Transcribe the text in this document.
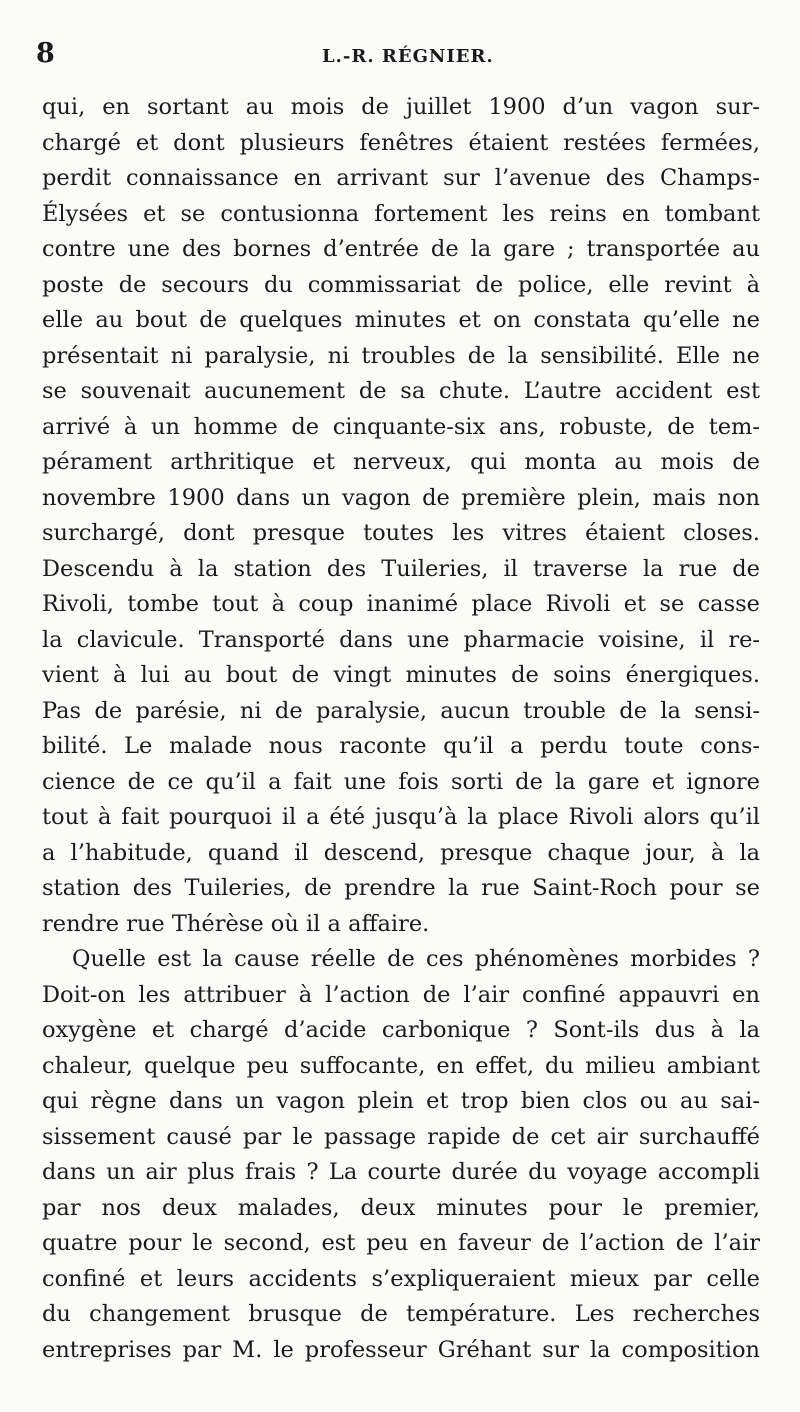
8	L.-R. RÉGNIER.
qui, en sortant au mois de juillet 1900 d’un vagon sur-
chargé et dont plusieurs fenêtres étaient restées fermées,
perdit connaissance en arrivant sur l’avenue des Champs-
Élysées et se contusionna fortement les reins en tombant
contre une des bornes d’entrée de la gare ; transportée au
poste de secours du commissariat de police, elle revint à
elle au bout de quelques minutes et on constata qu’elle ne
présentait ni paralysie, ni troubles de la sensibilité. Elle ne
se souvenait aucunement de sa chute. L’autre accident est
arrivé à un homme de cinquante-six ans, robuste, de tem-
pérament arthritique et nerveux, qui monta au mois de
novembre 1900 dans un vagon de première plein, mais non
surchargé, dont presque toutes les vitres étaient closes.
Descendu à la station des Tuileries, il traverse la rue de
Rivoli, tombe tout à coup inanimé place Rivoli et se casse
la clavicule. Transporté dans une pharmacie voisine, il re-
vient à lui au bout de vingt minutes de soins énergiques.
Pas de parésie, ni de paralysie, aucun trouble de la sensi-
bilité. Le malade nous raconte qu’il a perdu toute cons-
cience de ce qu’il a fait une fois sorti de la gare et ignore
tout à fait pourquoi il a été jusqu’à la place Rivoli alors qu’il
a l’habitude, quand il descend, presque chaque jour, à la
station des Tuileries, de prendre la rue Saint-Roch pour se
rendre rue Thérèse où il a affaire.
Quelle est la cause réelle de ces phénomènes morbides ?
Doit-on les attribuer à l’action de l’air confiné appauvri en
oxygène et chargé d’acide carbonique ? Sont-ils dus à la
chaleur, quelque peu suffocante, en effet, du milieu ambiant
qui règne dans un vagon plein et trop bien clos ou au sai-
sissement causé par le passage rapide de cet air surchauffé
dans un air plus frais ? La courte durée du voyage accompli
par nos deux malades, deux minutes pour le premier,
quatre pour le second, est peu en faveur de l’action de l’air
confiné et leurs accidents s’expliqueraient mieux par celle
du changement brusque de température. Les recherches
entreprises par M. le professeur Gréhant sur la composition
